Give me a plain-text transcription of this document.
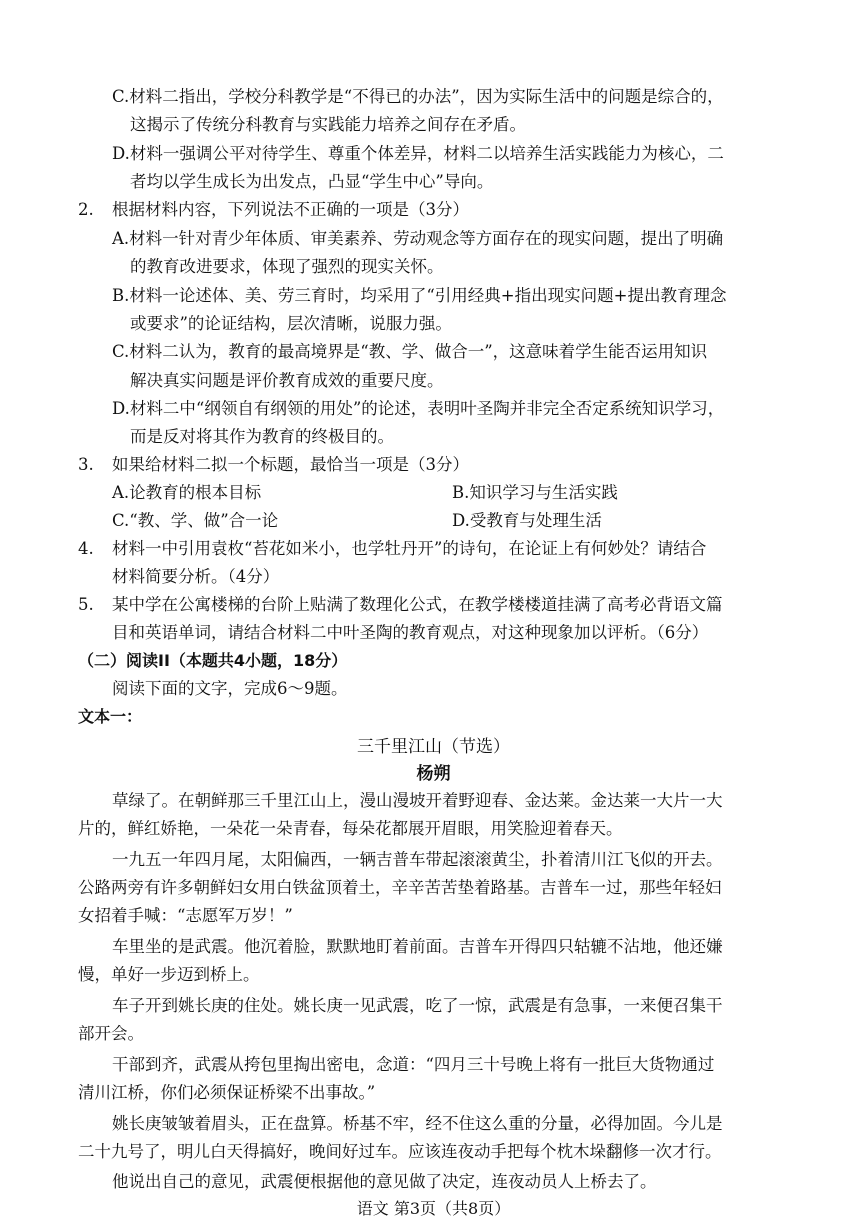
C.材料二指出，学校分科教学是“不得已的办法”，因为实际生活中的问题是综合的，
这揭示了传统分科教育与实践能力培养之间存在矛盾。
D.材料一强调公平对待学生、尊重个体差异，材料二以培养生活实践能力为核心，二
者均以学生成长为出发点，凸显“学生中心”导向。
2. 根据材料内容，下列说法不正确的一项是（3分）
A.材料一针对青少年体质、审美素养、劳动观念等方面存在的现实问题，提出了明确
的教育改进要求，体现了强烈的现实关怀。
B.材料一论述体、美、劳三育时，均采用了“引用经典+指出现实问题+提出教育理念
或要求”的论证结构，层次清晰，说服力强。
C.材料二认为，教育的最高境界是“教、学、做合一”，这意味着学生能否运用知识
解决真实问题是评价教育成效的重要尺度。
D.材料二中“纲领自有纲领的用处”的论述，表明叶圣陶并非完全否定系统知识学习，
而是反对将其作为教育的终极目的。
3. 如果给材料二拟一个标题，最恰当一项是（3分）
A.论教育的根本目标	B.知识学习与生活实践
C.“教、学、做”合一论	D.受教育与处理生活
4. 材料一中引用袁枚“苔花如米小，也学牡丹开”的诗句，在论证上有何妙处？请结合
材料简要分析。（4分）
5. 某中学在公寓楼梯的台阶上贴满了数理化公式，在教学楼楼道挂满了高考必背语文篇
目和英语单词，请结合材料二中叶圣陶的教育观点，对这种现象加以评析。（6分）
（二）阅读II（本题共4小题，18分）
阅读下面的文字，完成6～9题。
文本一：
三千里江山（节选）
杨朔
草绿了。在朝鲜那三千里江山上，漫山漫坡开着野迎春、金达莱。金达莱一大片一大
片的，鲜红娇艳，一朵花一朵青春，每朵花都展开眉眼，用笑脸迎着春天。
一九五一年四月尾，太阳偏西，一辆吉普车带起滚滚黄尘，扑着清川江飞似的开去。
公路两旁有许多朝鲜妇女用白铁盆顶着土，辛辛苦苦垫着路基。吉普车一过，那些年轻妇
女招着手喊：“志愿军万岁！”
车里坐的是武震。他沉着脸，默默地盯着前面。吉普车开得四只轱辘不沾地，他还嫌
慢，单好一步迈到桥上。
车子开到姚长庚的住处。姚长庚一见武震，吃了一惊，武震是有急事，一来便召集干
部开会。
干部到齐，武震从挎包里掏出密电，念道：“四月三十号晚上将有一批巨大货物通过
清川江桥，你们必须保证桥梁不出事故。”
姚长庚皱皱着眉头，正在盘算。桥基不牢，经不住这么重的分量，必得加固。今儿是
二十九号了，明儿白天得搞好，晚间好过车。应该连夜动手把每个枕木垛翻修一次才行。
他说出自己的意见，武震便根据他的意见做了决定，连夜动员人上桥去了。
语文 第3页（共8页）
